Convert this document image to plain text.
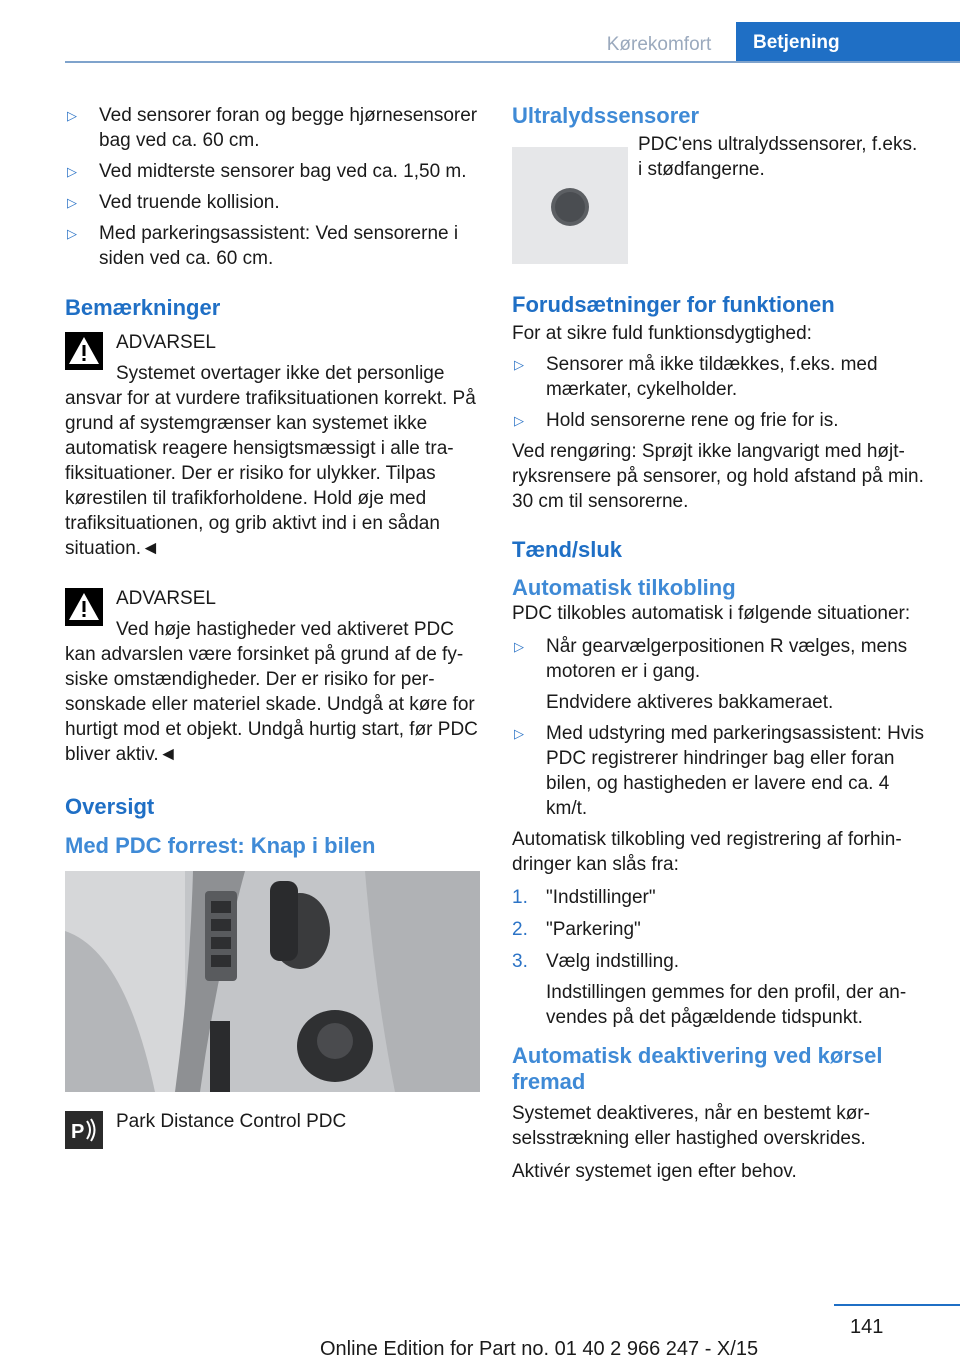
Kørekomfort	Betjening
▷ Ved sensorer foran og begge hjørnesensorer bag ved ca. 60 cm.
▷ Ved midterste sensorer bag ved ca. 1,50 m.
▷ Ved truende kollision.
▷ Med parkeringsassistent: Ved sensorerne i siden ved ca. 60 cm.
Bemærkninger
ADVARSEL
Systemet overtager ikke det personlige
ansvar for at vurdere trafiksituationen korrekt. På grund af systemgrænser kan systemet ikke automatisk reagere hensigtsmæssigt i alle trafiksituationer. Der er risiko for ulykker. Tilpas kørestilen til trafikforholdene. Hold øje med trafiksituationen, og grib aktivt ind i en sådan situation.◄
ADVARSEL
Ved høje hastigheder ved aktiveret PDC
kan advarslen være forsinket på grund af de fysiske omstændigheder. Der er risiko for personskade eller materiel skade. Undgå at køre for hurtigt mod et objekt. Undgå hurtig start, før PDC bliver aktiv.◄
Oversigt
Med PDC forrest: Knap i bilen
P	Park Distance Control PDC
Ultralydssensorer
PDC'ens ultralydssensorer, f.eks. i stødfangerne.
Forudsætninger for funktionen
For at sikre fuld funktionsdygtighed:
▷ Sensorer må ikke tildækkes, f.eks. med mærkater, cykelholder.
▷ Hold sensorerne rene og frie for is.
Ved rengøring: Sprøjt ikke langvarigt med højtryksrensere på sensorer, og hold afstand på min. 30 cm til sensorerne.
Tænd/sluk
Automatisk tilkobling
PDC tilkobles automatisk i følgende situationer:
▷ Når gearvælgerpositionen R vælges, mens motoren er i gang.
Endvidere aktiveres bakkameraet.
▷ Med udstyring med parkeringsassistent: Hvis PDC registrerer hindringer bag eller foran bilen, og hastigheden er lavere end ca. 4 km/t.
Automatisk tilkobling ved registrering af forhindringer kan slås fra:
1. "Indstillinger"
2. "Parkering"
3. Vælg indstilling.
Indstillingen gemmes for den profil, der anvendes på det pågældende tidspunkt.
Automatisk deaktivering ved kørsel fremad
Systemet deaktiveres, når en bestemt kørselsstrækning eller hastighed overskrides.
Aktivér systemet igen efter behov.
141
Online Edition for Part no. 01 40 2 966 247 - X/15
